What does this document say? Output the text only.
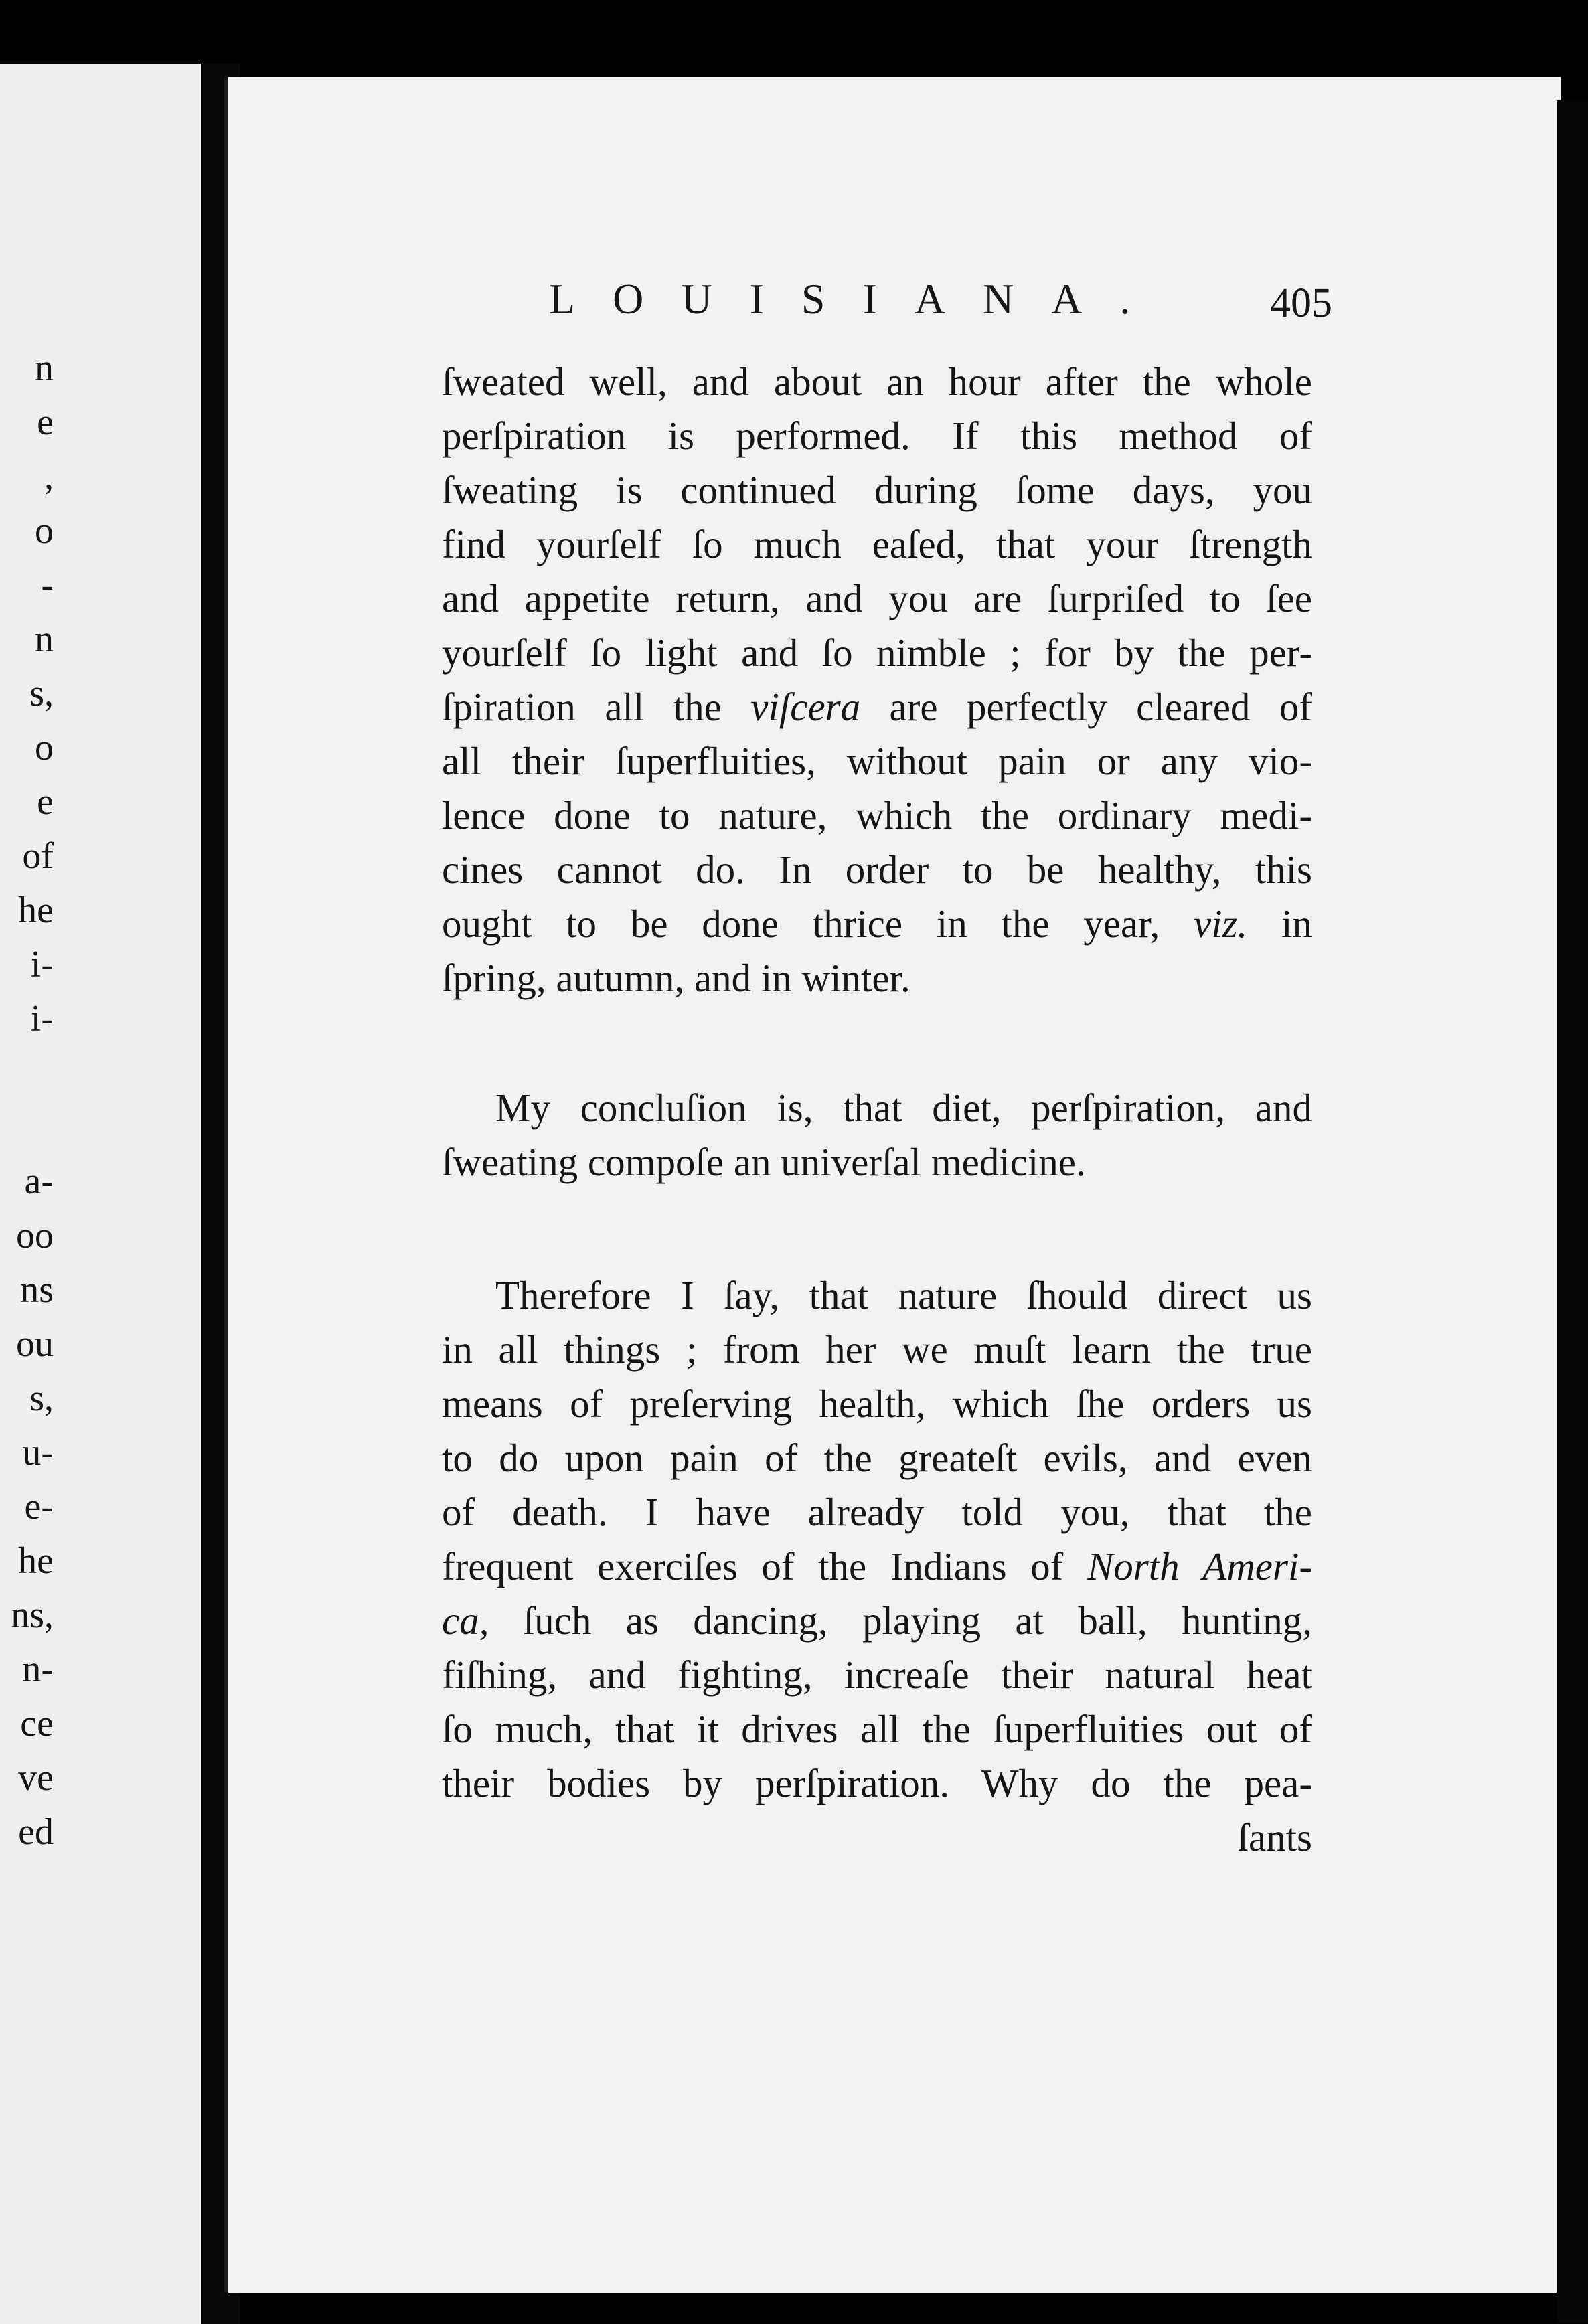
n
e
,
o
-
n
s,
o
e
of
he
i-
i-
a-
oo
ns
ou
s,
u-
e-
he
ns,
n-
ce
ve
ed
LOUISIANA. 405
ſweated well, and about an hour after the whole
perſpiration is performed. If this method of
ſweating is continued during ſome days, you
find yourſelf ſo much eaſed, that your ſtrength
and appetite return, and you are ſurpriſed to ſee
yourſelf ſo light and ſo nimble ; for by the per-
ſpiration all the viſcera are perfectly cleared of
all their ſuperfluities, without pain or any vio-
lence done to nature, which the ordinary medi-
cines cannot do. In order to be healthy, this
ought to be done thrice in the year, viz. in
ſpring, autumn, and in winter.
My concluſion is, that diet, perſpiration, and
ſweating compoſe an univerſal medicine.
Therefore I ſay, that nature ſhould direct us
in all things ; from her we muſt learn the true
means of preſerving health, which ſhe orders us
to do upon pain of the greateſt evils, and even
of death. I have already told you, that the
frequent exerciſes of the Indians of North Ameri-
ca, ſuch as dancing, playing at ball, hunting,
fiſhing, and fighting, increaſe their natural heat
ſo much, that it drives all the ſuperfluities out of
their bodies by perſpiration. Why do the pea-
ſants
